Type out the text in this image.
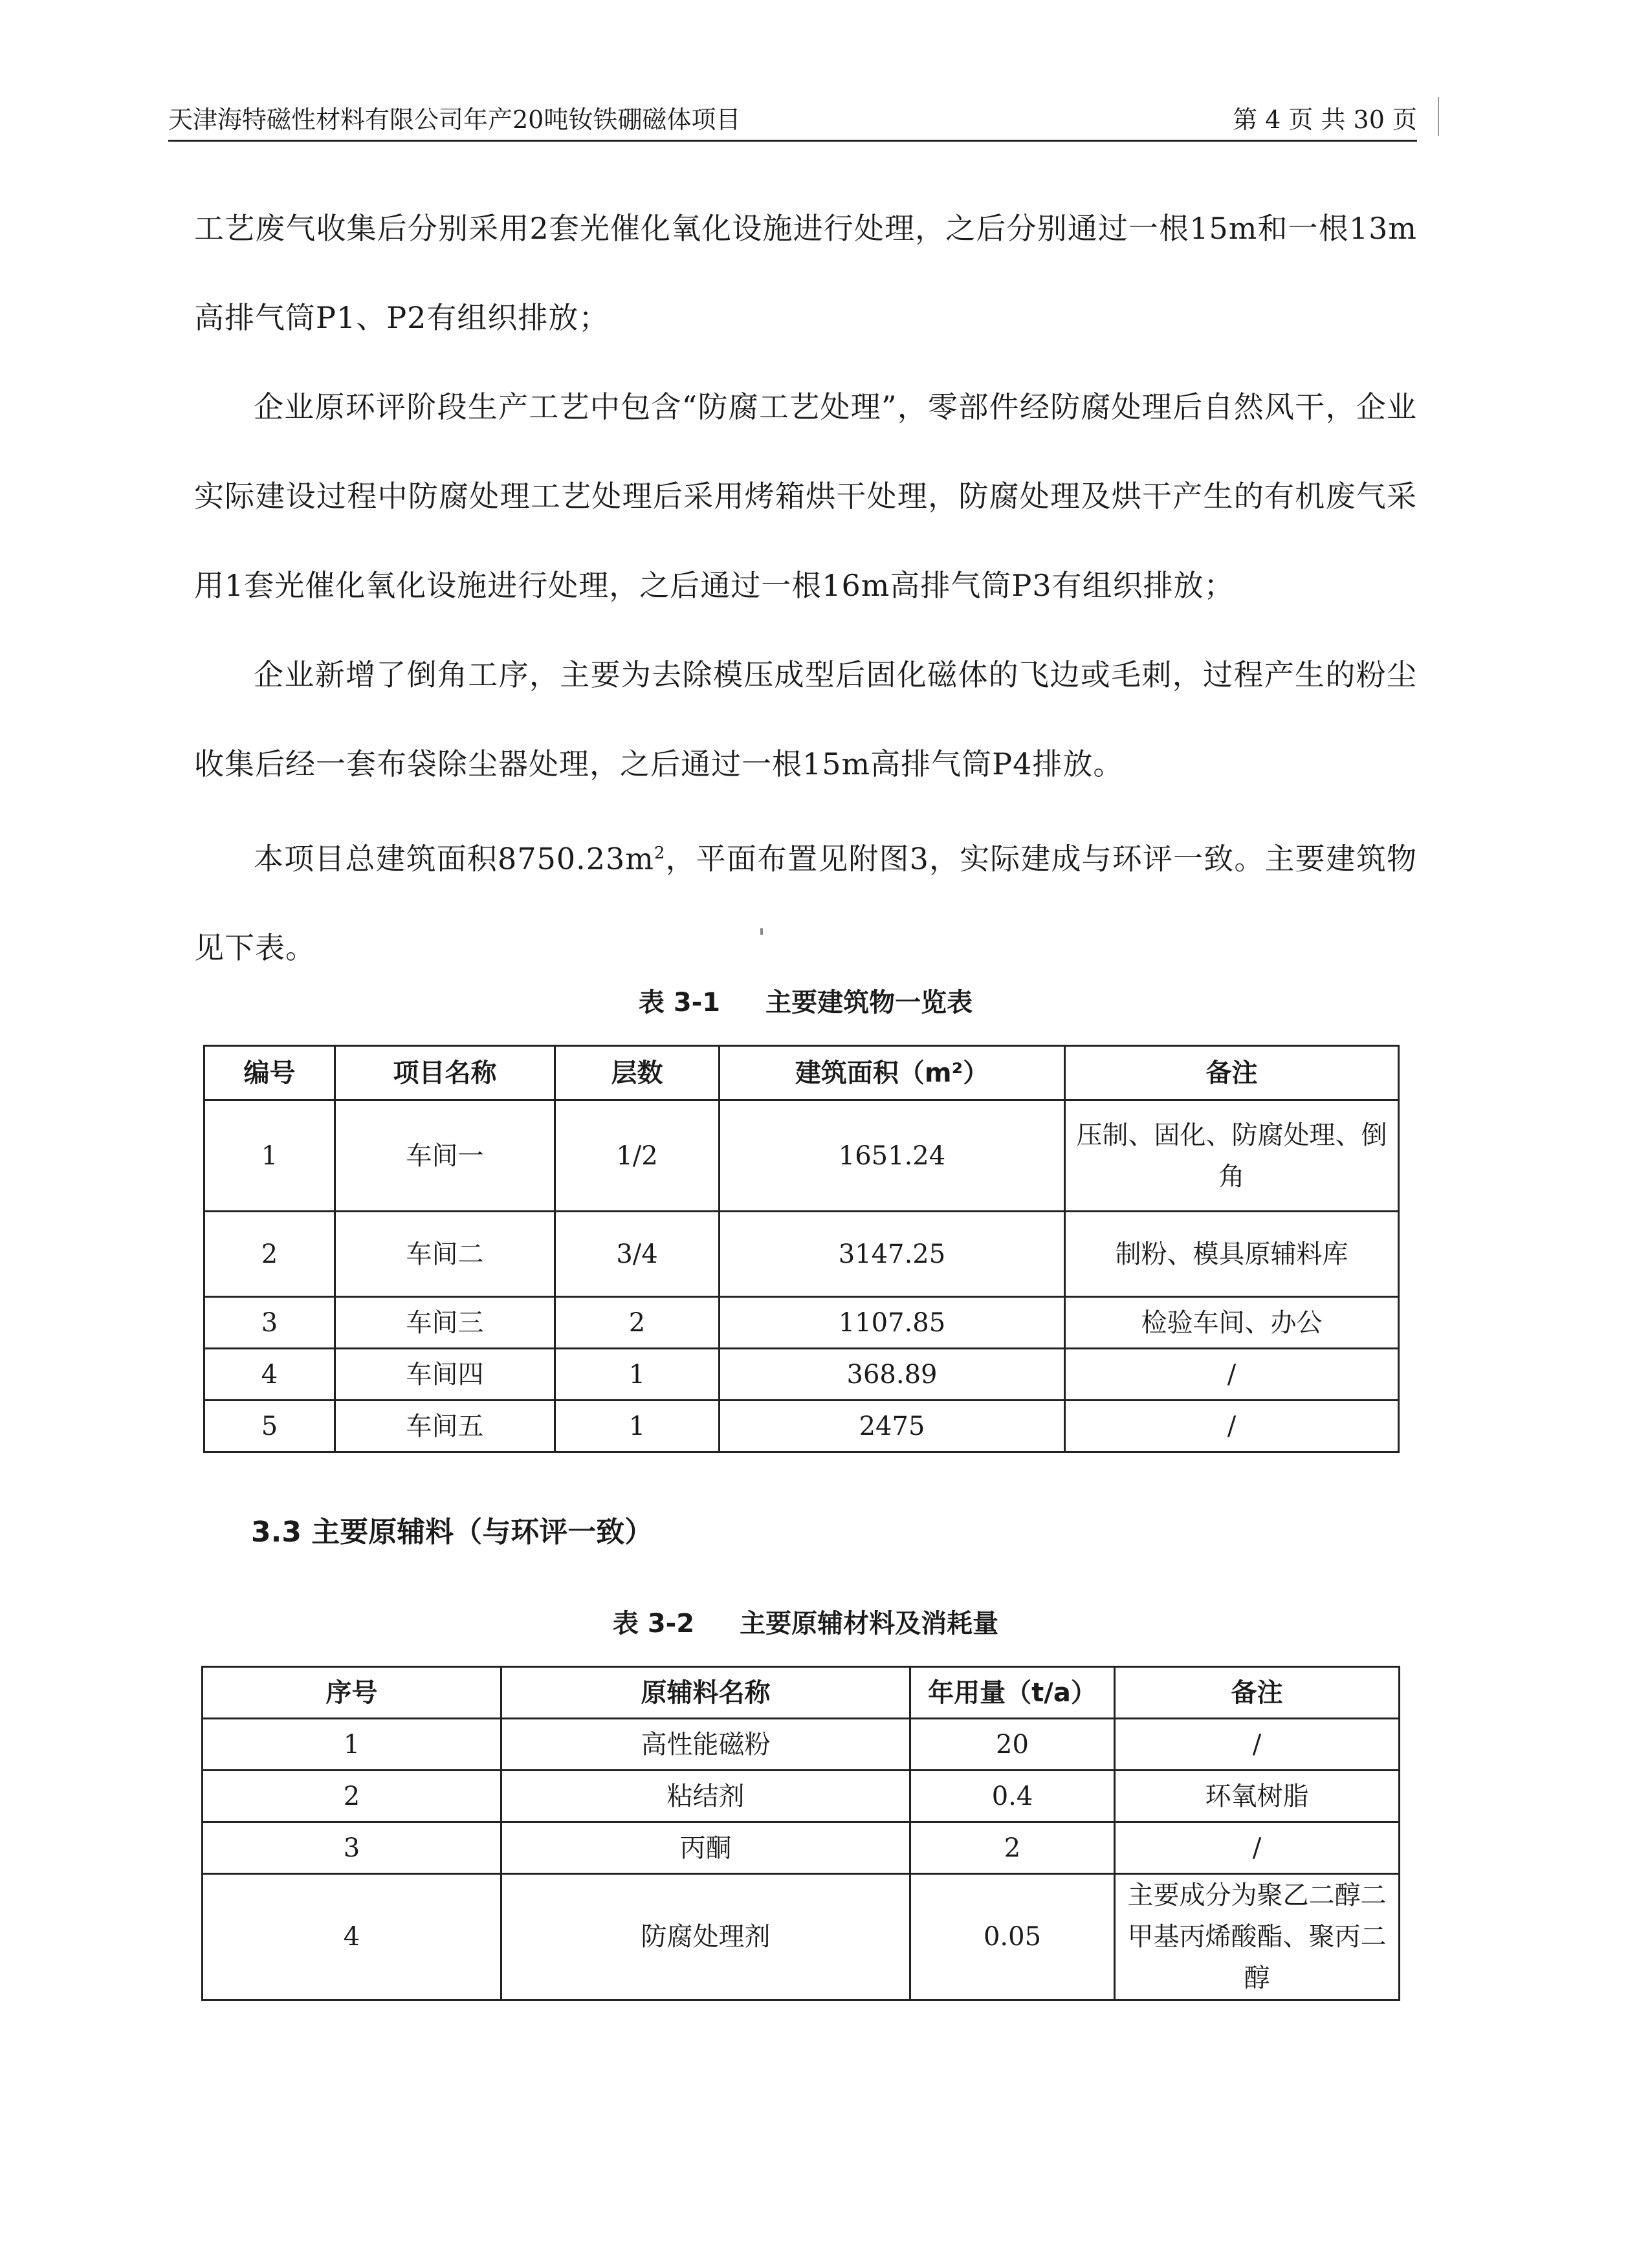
天津海特磁性材料有限公司年产20吨钕铁硼磁体项目	第 4 页 共 30 页

工艺废气收集后分别采用2套光催化氧化设施进行处理，之后分别通过一根15m和一根13m高排气筒P1、P2有组织排放；

企业原环评阶段生产工艺中包含“防腐工艺处理”，零部件经防腐处理后自然风干，企业实际建设过程中防腐处理工艺处理后采用烤箱烘干处理，防腐处理及烘干产生的有机废气采用1套光催化氧化设施进行处理，之后通过一根16m高排气筒P3有组织排放；

企业新增了倒角工序，主要为去除模压成型后固化磁体的飞边或毛刺，过程产生的粉尘收集后经一套布袋除尘器处理，之后通过一根15m高排气筒P4排放。

本项目总建筑面积$8750.23m^2$，平面布置见附图3，实际建成与环评一致。主要建筑物见下表。

表 3-1 主要建筑物一览表
编号	项目名称	层数	建筑面积（m²）	备注
1	车间一	1/2	1651.24	压制、固化、防腐处理、倒角
2	车间二	3/4	3147.25	制粉、模具原辅料库
3	车间三	2	1107.85	检验车间、办公
4	车间四	1	368.89	/
5	车间五	1	2475	/
3.3 主要原辅料（与环评一致）
表 3-2 主要原辅材料及消耗量
序号	原辅料名称	年用量（t/a）	备注
1	高性能磁粉	20	/
2	粘结剂	0.4	环氧树脂
3	丙酮	2	/
4	防腐处理剂	0.05	主要成分为聚乙二醇二甲基丙烯酸酯、聚丙二醇
